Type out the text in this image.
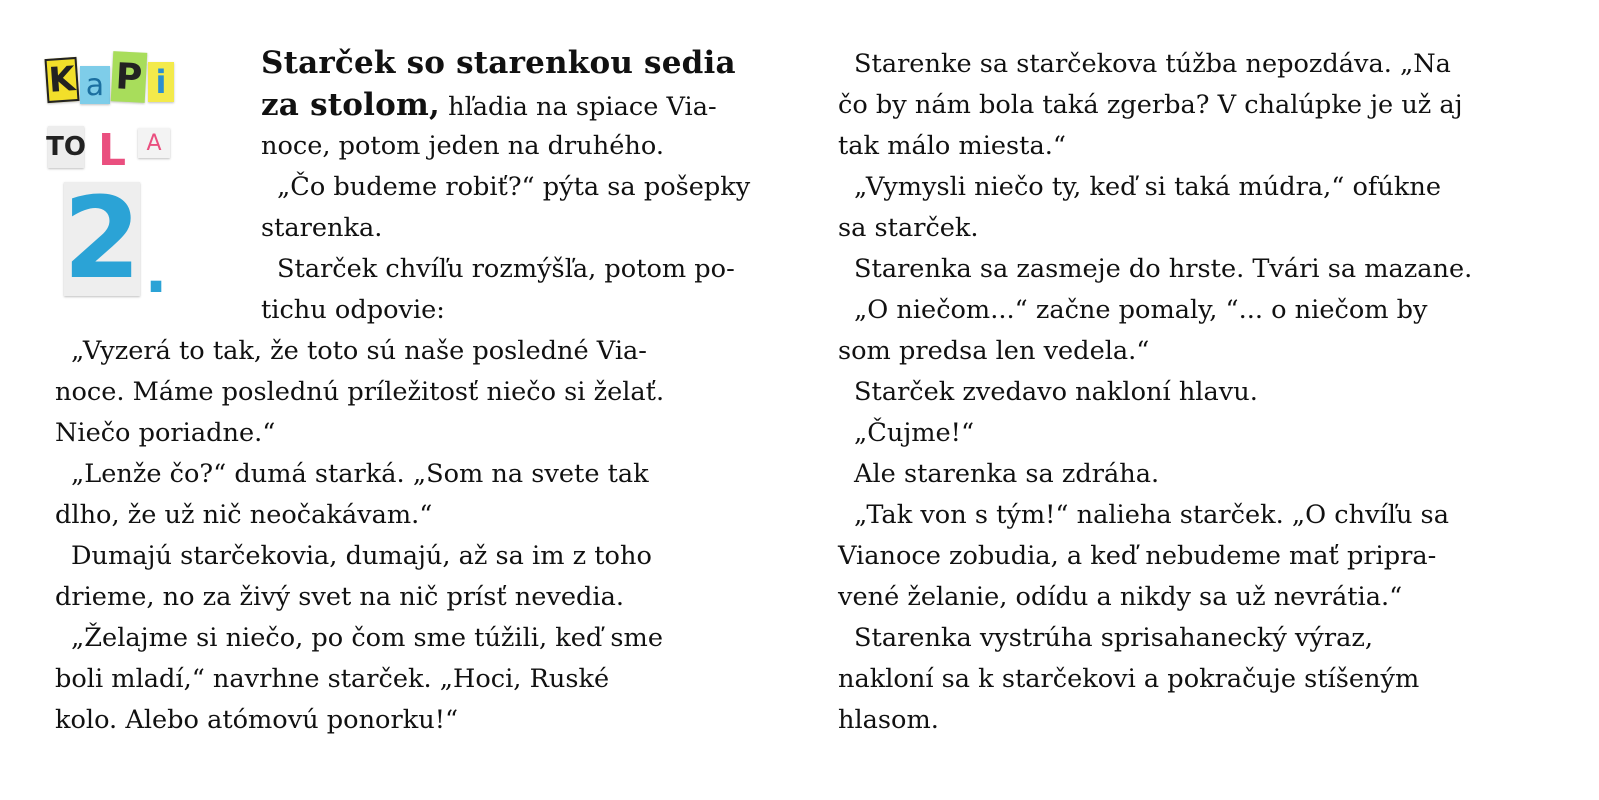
K a P i
TO L A
2 .
Starček so starenkou sedia
za stolom, hľadia na spiace Via-
noce, potom jeden na druhého.
„Čo budeme robiť?“ pýta sa pošepky
starenka.
Starček chvíľu rozmýšľa, potom po-
tichu odpovie:
„Vyzerá to tak, že toto sú naše posledné Via-
noce. Máme poslednú príležitosť niečo si želať.
Niečo poriadne.“
„Lenže čo?“ dumá starká. „Som na svete tak
dlho, že už nič neočakávam.“
Dumajú starčekovia, dumajú, až sa im z toho
drieme, no za živý svet na nič prísť nevedia.
„Želajme si niečo, po čom sme túžili, keď sme
boli mladí,“ navrhne starček. „Hoci, Ruské
kolo. Alebo atómovú ponorku!“
Starenke sa starčekova túžba nepozdáva. „Na
čo by nám bola taká zgerba? V chalúpke je už aj
tak málo miesta.“
„Vymysli niečo ty, keď si taká múdra,“ ofúkne
sa starček.
Starenka sa zasmeje do hrste. Tvári sa mazane.
„O niečom...“ začne pomaly, “... o niečom by
som predsa len vedela.“
Starček zvedavo nakloní hlavu.
„Čujme!“
Ale starenka sa zdráha.
„Tak von s tým!“ nalieha starček. „O chvíľu sa
Vianoce zobudia, a keď nebudeme mať pripra-
vené želanie, odídu a nikdy sa už nevrátia.“
Starenka vystrúha sprisahanecký výraz,
nakloní sa k starčekovi a pokračuje stíšeným
hlasom.
